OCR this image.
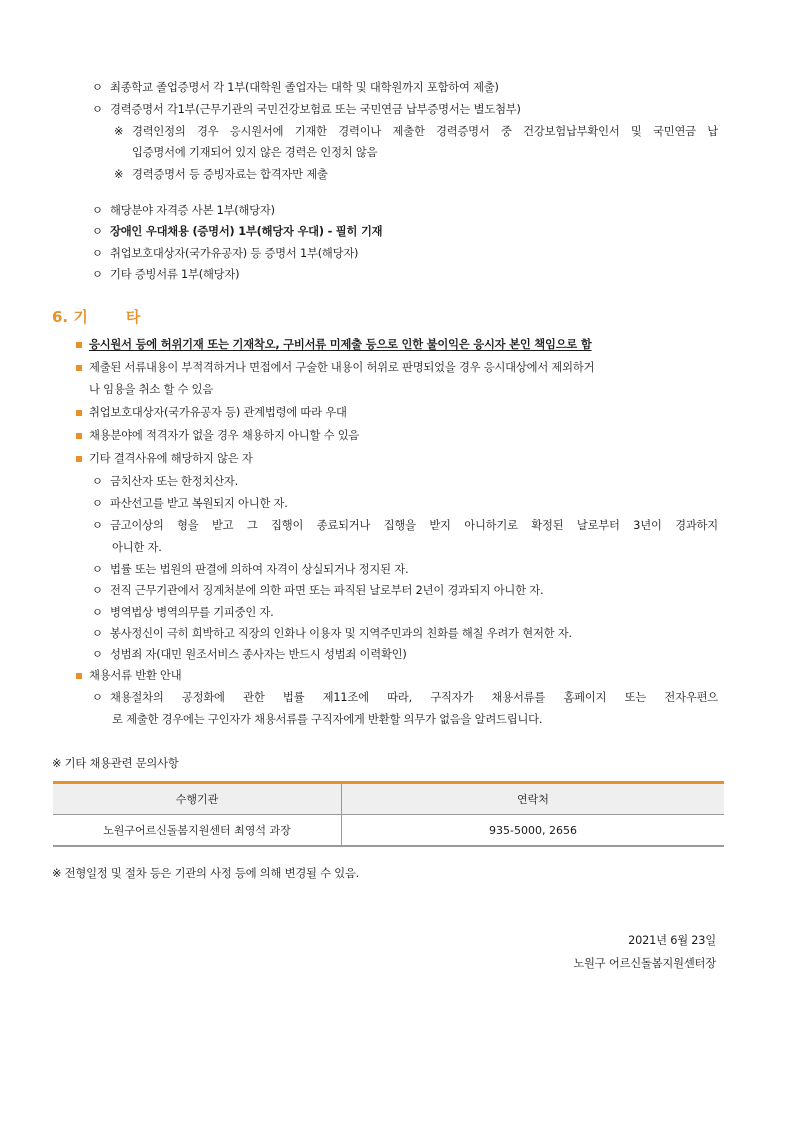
ㅇ 최종학교 졸업증명서 각 1부(대학원 졸업자는 대학 및 대학원까지 포함하여 제출)
ㅇ 경력증명서 각1부(근무기관의 국민건강보험료 또는 국민연금 납부증명서는 별도첨부)
※ 경력인정의 경우 응시원서에 기재한 경력이나 제출한 경력증명서 중 건강보험납부확인서 및 국민연금 납
입증명서에 기재되어 있지 않은 경력은 인정치 않음
※ 경력증명서 등 증빙자료는 합격자만 제출
ㅇ 해당분야 자격증 사본 1부(해당자)
ㅇ 장애인 우대채용 (증명서) 1부(해당자 우대) - 필히 기재
ㅇ 취업보호대상자(국가유공자) 등 증명서 1부(해당자)
ㅇ 기타 증빙서류 1부(해당자)
6. 기	타
응시원서 등에 허위기재 또는 기재착오, 구비서류 미제출 등으로 인한 불이익은 응시자 본인 책임으로 함
제출된 서류내용이 부적격하거나 면접에서 구술한 내용이 허위로 판명되었을 경우 응시대상에서 제외하거
나 임용을 취소 할 수 있음
취업보호대상자(국가유공자 등) 관계법령에 따라 우대
채용분야에 적격자가 없을 경우 채용하지 아니할 수 있음
기타 결격사유에 해당하지 않은 자
ㅇ 금치산자 또는 한정치산자.
ㅇ 파산선고를 받고 복원되지 아니한 자.
ㅇ 금고이상의 형을 받고 그 집행이 종료되거나 집행을 받지 아니하기로 확정된 날로부터 3년이 경과하지
아니한 자.
ㅇ 법률 또는 법원의 판결에 의하여 자격이 상실되거나 정지된 자.
ㅇ 전직 근무기관에서 징계처분에 의한 파면 또는 파직된 날로부터 2년이 경과되지 아니한 자.
ㅇ 병역법상 병역의무를 기피중인 자.
ㅇ 봉사정신이 극히 희박하고 직장의 인화나 이용자 및 지역주민과의 친화를 해칠 우려가 현저한 자.
ㅇ 성범죄 자(대민 원조서비스 종사자는 반드시 성범죄 이력확인)
채용서류 반환 안내
ㅇ 채용절차의 공정화에 관한 법률 제11조에 따라, 구직자가 채용서류를 홈페이지 또는 전자우편으
로 제출한 경우에는 구인자가 채용서류를 구직자에게 반환할 의무가 없음을 알려드립니다.
※ 기타 채용관련 문의사항
수행기관	연락처
노원구어르신돌봄지원센터 최영석 과장	935-5000, 2656
※ 전형일정 및 절차 등은 기관의 사정 등에 의해 변경될 수 있음.
2021년 6월 23일
노원구 어르신돌봄지원센터장
